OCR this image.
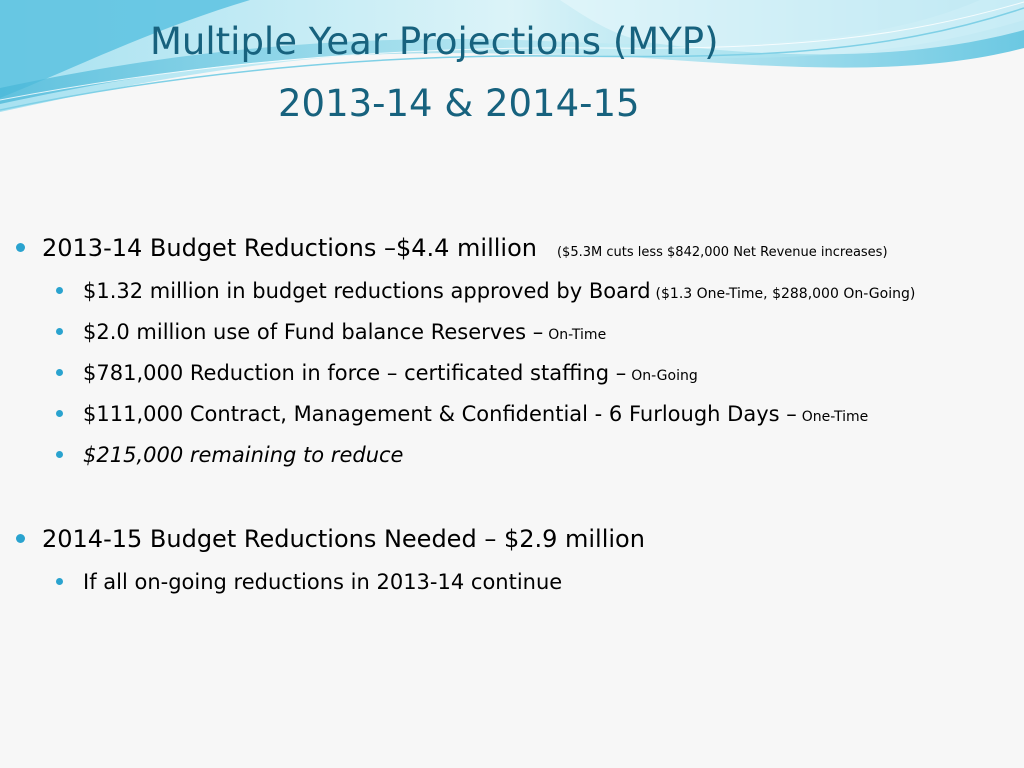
Multiple Year Projections (MYP)
2013-14 & 2014-15
2013-14 Budget Reductions –$4.4 million ($5.3M cuts less $842,000 Net Revenue increases)
$1.32 million in budget reductions approved by Board ($1.3 One-Time, $288,000 On-Going)
$2.0 million use of Fund balance Reserves – On-Time
$781,000 Reduction in force – certificated staffing – On-Going
$111,000 Contract, Management & Confidential - 6 Furlough Days – One-Time
$215,000 remaining to reduce
2014-15 Budget Reductions Needed – $2.9 million
If all on-going reductions in 2013-14 continue
